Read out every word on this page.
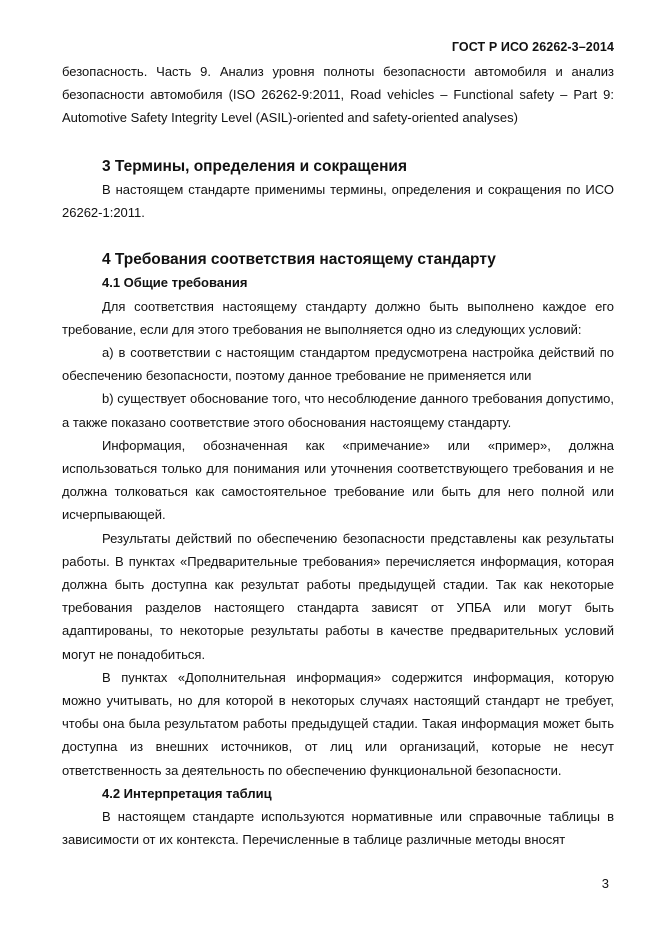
ГОСТ Р ИСО 26262-3–2014

безопасность. Часть 9. Анализ уровня полноты безопасности автомобиля и анализ безопасности автомобиля (ISO 26262-9:2011, Road vehicles – Functional safety – Part 9: Automotive Safety Integrity Level (ASIL)-oriented and safety-oriented analyses)

3 Термины, определения и сокращения

В настоящем стандарте применимы термины, определения и сокращения по ИСО 26262-1:2011.

4 Требования соответствия настоящему стандарту
4.1 Общие требования

Для соответствия настоящему стандарту должно быть выполнено каждое его требование, если для этого требования не выполняется одно из следующих условий:

а) в соответствии с настоящим стандартом предусмотрена настройка действий по обеспечению безопасности, поэтому данное требование не применяется или

b) существует обоснование того, что несоблюдение данного требования допустимо, а также показано соответствие этого обоснования настоящему стандарту.

Информация, обозначенная как «примечание» или «пример», должна использоваться только для понимания или уточнения соответствующего требования и не должна толковаться как самостоятельное требование или быть для него полной или исчерпывающей.

Результаты действий по обеспечению безопасности представлены как результаты работы. В пунктах «Предварительные требования» перечисляется информация, которая должна быть доступна как результат работы предыдущей стадии. Так как некоторые требования разделов настоящего стандарта зависят от УПБА или могут быть адаптированы, то некоторые результаты работы в качестве предварительных условий могут не понадобиться.

В пунктах «Дополнительная информация» содержится информация, которую можно учитывать, но для которой в некоторых случаях настоящий стандарт не требует, чтобы она была результатом работы предыдущей стадии. Такая информация может быть доступна из внешних источников, от лиц или организаций, которые не несут ответственность за деятельность по обеспечению функциональной безопасности.

4.2 Интерпретация таблиц

В настоящем стандарте используются нормативные или справочные таблицы в зависимости от их контекста. Перечисленные в таблице различные методы вносят

3
